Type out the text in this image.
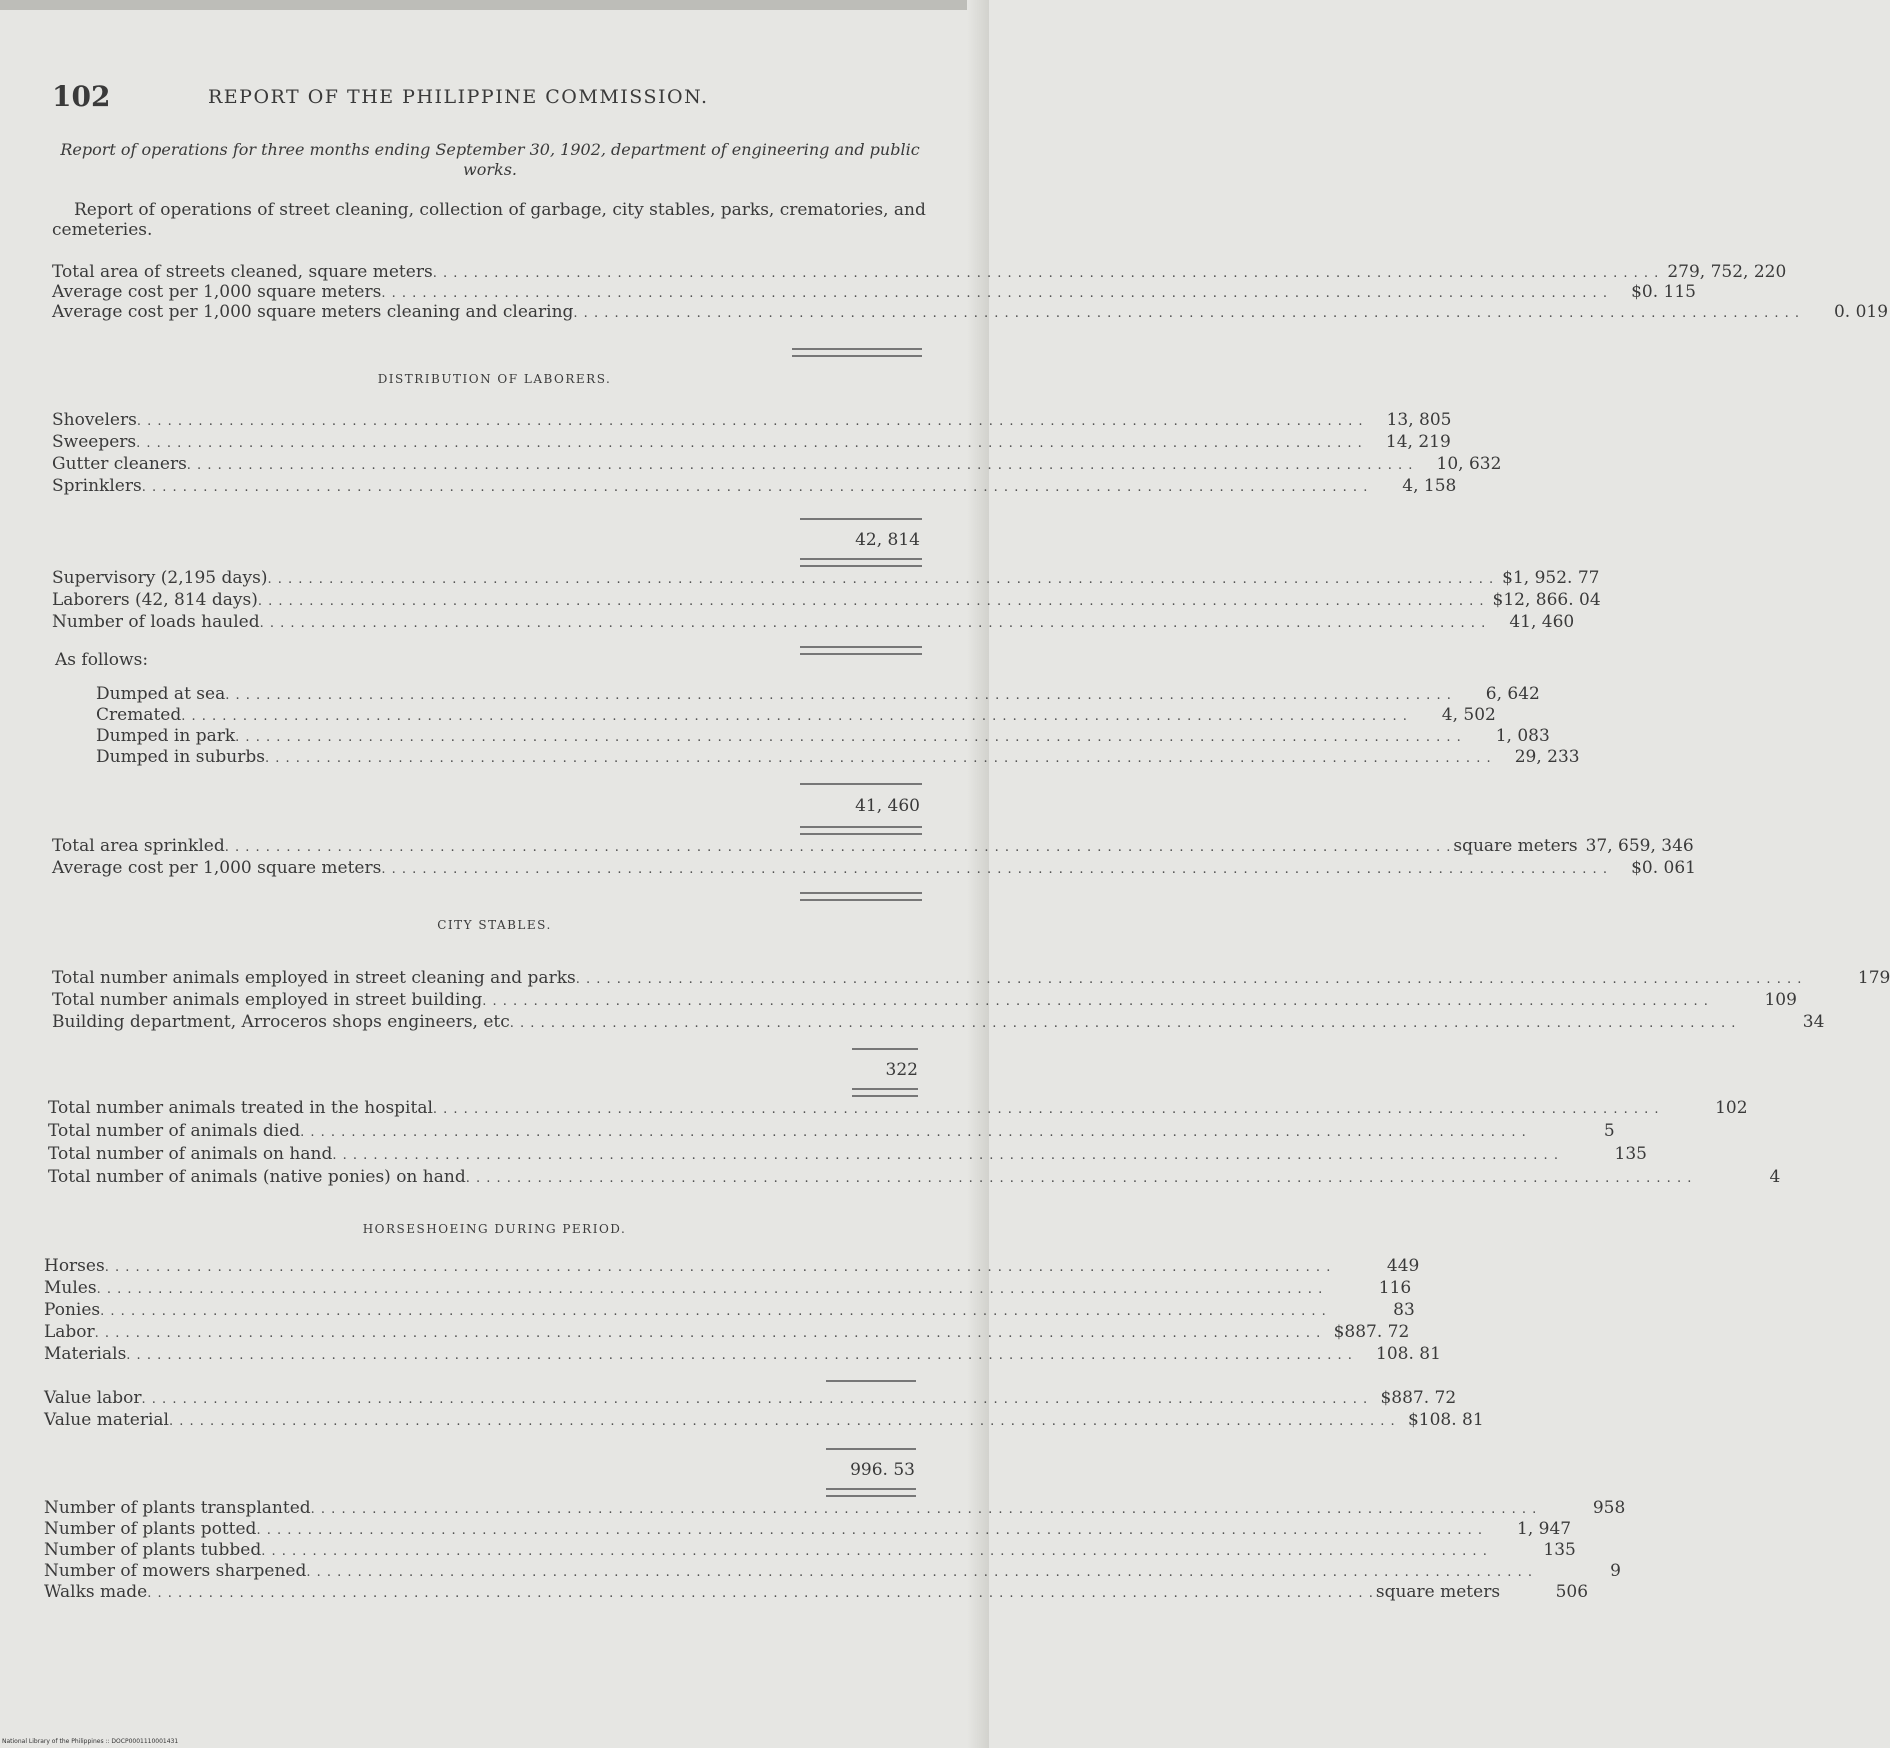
102	REPORT OF THE PHILIPPINE COMMISSION.
Report of operations for three months ending September 30, 1902, department of engineering and public works.
Report of operations of street cleaning, collection of garbage, city stables, parks, crematories, and cemeteries.
Total area of streets cleaned, square meters . . . . . . . . . . . . . . . . . . . . . . . . . . . . . . . . . . . . . . . . . . . . . . . . . . . . . . . . . . . . . . . . . . . . . . . . . . . . . . . . . . . . . . . . . . . . . . . . . . . . . . . . . . . . . . . . . . . . . . . . 279, 752, 220
Average cost per 1,000 square meters . . . . . . . . . . . . . . . . . . . . . . . . . . . . . . . . . . . . . . . . . . . . . . . . . . . . . . . . . . . . . . . . . . . . . . . . . . . . . . . . . . . . . . . . . . . . . . . . . . . . . . . . . . . . . . . . . . . . . . . .	$0. 115
Average cost per 1,000 square meters cleaning and clearing . . . . . . . . . . . . . . . . . . . . . . . . . . . . . . . . . . . . . . . . . . . . . . . . . . . . . . . . . . . . . . . . . . . . . . . . . . . . . . . . . . . . . . . . . . . . . . . . . . . . . . . . . . . . . . . . . . . . . . . .	0. 019
DISTRIBUTION OF LABORERS.
Shovelers . . . . . . . . . . . . . . . . . . . . . . . . . . . . . . . . . . . . . . . . . . . . . . . . . . . . . . . . . . . . . . . . . . . . . . . . . . . . . . . . . . . . . . . . . . . . . . . . . . . . . . . . . . . . . . . . . . . . . . . .	13, 805
Sweepers . . . . . . . . . . . . . . . . . . . . . . . . . . . . . . . . . . . . . . . . . . . . . . . . . . . . . . . . . . . . . . . . . . . . . . . . . . . . . . . . . . . . . . . . . . . . . . . . . . . . . . . . . . . . . . . . . . . . . . . .	14, 219
Gutter cleaners . . . . . . . . . . . . . . . . . . . . . . . . . . . . . . . . . . . . . . . . . . . . . . . . . . . . . . . . . . . . . . . . . . . . . . . . . . . . . . . . . . . . . . . . . . . . . . . . . . . . . . . . . . . . . . . . . . . . . . . .	10, 632
Sprinklers . . . . . . . . . . . . . . . . . . . . . . . . . . . . . . . . . . . . . . . . . . . . . . . . . . . . . . . . . . . . . . . . . . . . . . . . . . . . . . . . . . . . . . . . . . . . . . . . . . . . . . . . . . . . . . . . . . . . . . . .	4, 158
42, 814
Supervisory (2,195 days) . . . . . . . . . . . . . . . . . . . . . . . . . . . . . . . . . . . . . . . . . . . . . . . . . . . . . . . . . . . . . . . . . . . . . . . . . . . . . . . . . . . . . . . . . . . . . . . . . . . . . . . . . . . . . . . . . . . . . . . . $1, 952. 77
Laborers (42, 814 days) . . . . . . . . . . . . . . . . . . . . . . . . . . . . . . . . . . . . . . . . . . . . . . . . . . . . . . . . . . . . . . . . . . . . . . . . . . . . . . . . . . . . . . . . . . . . . . . . . . . . . . . . . . . . . . . . . . . . . . . . $12, 866. 04
Number of loads hauled . . . . . . . . . . . . . . . . . . . . . . . . . . . . . . . . . . . . . . . . . . . . . . . . . . . . . . . . . . . . . . . . . . . . . . . . . . . . . . . . . . . . . . . . . . . . . . . . . . . . . . . . . . . . . . . . . . . . . . . .	41, 460
As follows:
Dumped at sea . . . . . . . . . . . . . . . . . . . . . . . . . . . . . . . . . . . . . . . . . . . . . . . . . . . . . . . . . . . . . . . . . . . . . . . . . . . . . . . . . . . . . . . . . . . . . . . . . . . . . . . . . . . . . . . . . . . . . . . .	6, 642
Cremated . . . . . . . . . . . . . . . . . . . . . . . . . . . . . . . . . . . . . . . . . . . . . . . . . . . . . . . . . . . . . . . . . . . . . . . . . . . . . . . . . . . . . . . . . . . . . . . . . . . . . . . . . . . . . . . . . . . . . . . .	4, 502
Dumped in park . . . . . . . . . . . . . . . . . . . . . . . . . . . . . . . . . . . . . . . . . . . . . . . . . . . . . . . . . . . . . . . . . . . . . . . . . . . . . . . . . . . . . . . . . . . . . . . . . . . . . . . . . . . . . . . . . . . . . . . .	1, 083
Dumped in suburbs . . . . . . . . . . . . . . . . . . . . . . . . . . . . . . . . . . . . . . . . . . . . . . . . . . . . . . . . . . . . . . . . . . . . . . . . . . . . . . . . . . . . . . . . . . . . . . . . . . . . . . . . . . . . . . . . . . . . . . . .	29, 233
41, 460
Total area sprinkled . . . . . . . . . . . . . . . . . . . . . . . . . . . . . . . . . . . . . . . . . . . . . . . . . . . . . . . . . . . . . . . . . . . . . . . . . . . . . . . . . . . . . . . . . . . . . . . . . . . . . . . . . . . . . . . . . . . . . . . . square meters 37, 659, 346
Average cost per 1,000 square meters . . . . . . . . . . . . . . . . . . . . . . . . . . . . . . . . . . . . . . . . . . . . . . . . . . . . . . . . . . . . . . . . . . . . . . . . . . . . . . . . . . . . . . . . . . . . . . . . . . . . . . . . . . . . . . . . . . . . . . . .	$0. 061
CITY STABLES.
Total number animals employed in street cleaning and parks . . . . . . . . . . . . . . . . . . . . . . . . . . . . . . . . . . . . . . . . . . . . . . . . . . . . . . . . . . . . . . . . . . . . . . . . . . . . . . . . . . . . . . . . . . . . . . . . . . . . . . . . . . . . . . . . . . . . . . . .	179
Total number animals employed in street building . . . . . . . . . . . . . . . . . . . . . . . . . . . . . . . . . . . . . . . . . . . . . . . . . . . . . . . . . . . . . . . . . . . . . . . . . . . . . . . . . . . . . . . . . . . . . . . . . . . . . . . . . . . . . . . . . . . . . . . .	109
Building department, Arroceros shops engineers, etc . . . . . . . . . . . . . . . . . . . . . . . . . . . . . . . . . . . . . . . . . . . . . . . . . . . . . . . . . . . . . . . . . . . . . . . . . . . . . . . . . . . . . . . . . . . . . . . . . . . . . . . . . . . . . . . . . . . . . . . .	34
322
Total number animals treated in the hospital . . . . . . . . . . . . . . . . . . . . . . . . . . . . . . . . . . . . . . . . . . . . . . . . . . . . . . . . . . . . . . . . . . . . . . . . . . . . . . . . . . . . . . . . . . . . . . . . . . . . . . . . . . . . . . . . . . . . . . . .	102
Total number of animals died . . . . . . . . . . . . . . . . . . . . . . . . . . . . . . . . . . . . . . . . . . . . . . . . . . . . . . . . . . . . . . . . . . . . . . . . . . . . . . . . . . . . . . . . . . . . . . . . . . . . . . . . . . . . . . . . . . . . . . . .	5
Total number of animals on hand . . . . . . . . . . . . . . . . . . . . . . . . . . . . . . . . . . . . . . . . . . . . . . . . . . . . . . . . . . . . . . . . . . . . . . . . . . . . . . . . . . . . . . . . . . . . . . . . . . . . . . . . . . . . . . . . . . . . . . . .	135
Total number of animals (native ponies) on hand . . . . . . . . . . . . . . . . . . . . . . . . . . . . . . . . . . . . . . . . . . . . . . . . . . . . . . . . . . . . . . . . . . . . . . . . . . . . . . . . . . . . . . . . . . . . . . . . . . . . . . . . . . . . . . . . . . . . . . . .	4
HORSESHOEING DURING PERIOD.
Horses . . . . . . . . . . . . . . . . . . . . . . . . . . . . . . . . . . . . . . . . . . . . . . . . . . . . . . . . . . . . . . . . . . . . . . . . . . . . . . . . . . . . . . . . . . . . . . . . . . . . . . . . . . . . . . . . . . . . . . . .	449
Mules . . . . . . . . . . . . . . . . . . . . . . . . . . . . . . . . . . . . . . . . . . . . . . . . . . . . . . . . . . . . . . . . . . . . . . . . . . . . . . . . . . . . . . . . . . . . . . . . . . . . . . . . . . . . . . . . . . . . . . . .	116
Ponies . . . . . . . . . . . . . . . . . . . . . . . . . . . . . . . . . . . . . . . . . . . . . . . . . . . . . . . . . . . . . . . . . . . . . . . . . . . . . . . . . . . . . . . . . . . . . . . . . . . . . . . . . . . . . . . . . . . . . . . .	83
Labor . . . . . . . . . . . . . . . . . . . . . . . . . . . . . . . . . . . . . . . . . . . . . . . . . . . . . . . . . . . . . . . . . . . . . . . . . . . . . . . . . . . . . . . . . . . . . . . . . . . . . . . . . . . . . . . . . . . . . . . . $887. 72
Materials . . . . . . . . . . . . . . . . . . . . . . . . . . . . . . . . . . . . . . . . . . . . . . . . . . . . . . . . . . . . . . . . . . . . . . . . . . . . . . . . . . . . . . . . . . . . . . . . . . . . . . . . . . . . . . . . . . . . . . . .	108. 81
Value labor . . . . . . . . . . . . . . . . . . . . . . . . . . . . . . . . . . . . . . . . . . . . . . . . . . . . . . . . . . . . . . . . . . . . . . . . . . . . . . . . . . . . . . . . . . . . . . . . . . . . . . . . . . . . . . . . . . . . . . . . $887. 72
Value material . . . . . . . . . . . . . . . . . . . . . . . . . . . . . . . . . . . . . . . . . . . . . . . . . . . . . . . . . . . . . . . . . . . . . . . . . . . . . . . . . . . . . . . . . . . . . . . . . . . . . . . . . . . . . . . . . . . . . . . . $108. 81
996. 53
Number of plants transplanted . . . . . . . . . . . . . . . . . . . . . . . . . . . . . . . . . . . . . . . . . . . . . . . . . . . . . . . . . . . . . . . . . . . . . . . . . . . . . . . . . . . . . . . . . . . . . . . . . . . . . . . . . . . . . . . . . . . . . . . .	958
Number of plants potted . . . . . . . . . . . . . . . . . . . . . . . . . . . . . . . . . . . . . . . . . . . . . . . . . . . . . . . . . . . . . . . . . . . . . . . . . . . . . . . . . . . . . . . . . . . . . . . . . . . . . . . . . . . . . . . . . . . . . . . .	1, 947
Number of plants tubbed . . . . . . . . . . . . . . . . . . . . . . . . . . . . . . . . . . . . . . . . . . . . . . . . . . . . . . . . . . . . . . . . . . . . . . . . . . . . . . . . . . . . . . . . . . . . . . . . . . . . . . . . . . . . . . . . . . . . . . . .	135
Number of mowers sharpened . . . . . . . . . . . . . . . . . . . . . . . . . . . . . . . . . . . . . . . . . . . . . . . . . . . . . . . . . . . . . . . . . . . . . . . . . . . . . . . . . . . . . . . . . . . . . . . . . . . . . . . . . . . . . . . . . . . . . . . .	9
Walks made . . . . . . . . . . . . . . . . . . . . . . . . . . . . . . . . . . . . . . . . . . . . . . . . . . . . . . . . . . . . . . . . . . . . . . . . . . . . . . . . . . . . . . . . . . . . . . . . . . . . . . . . . . . . . . . . . . . . . . . . square meters	506
National Library of the Philippines :: DOCP0001110001431
